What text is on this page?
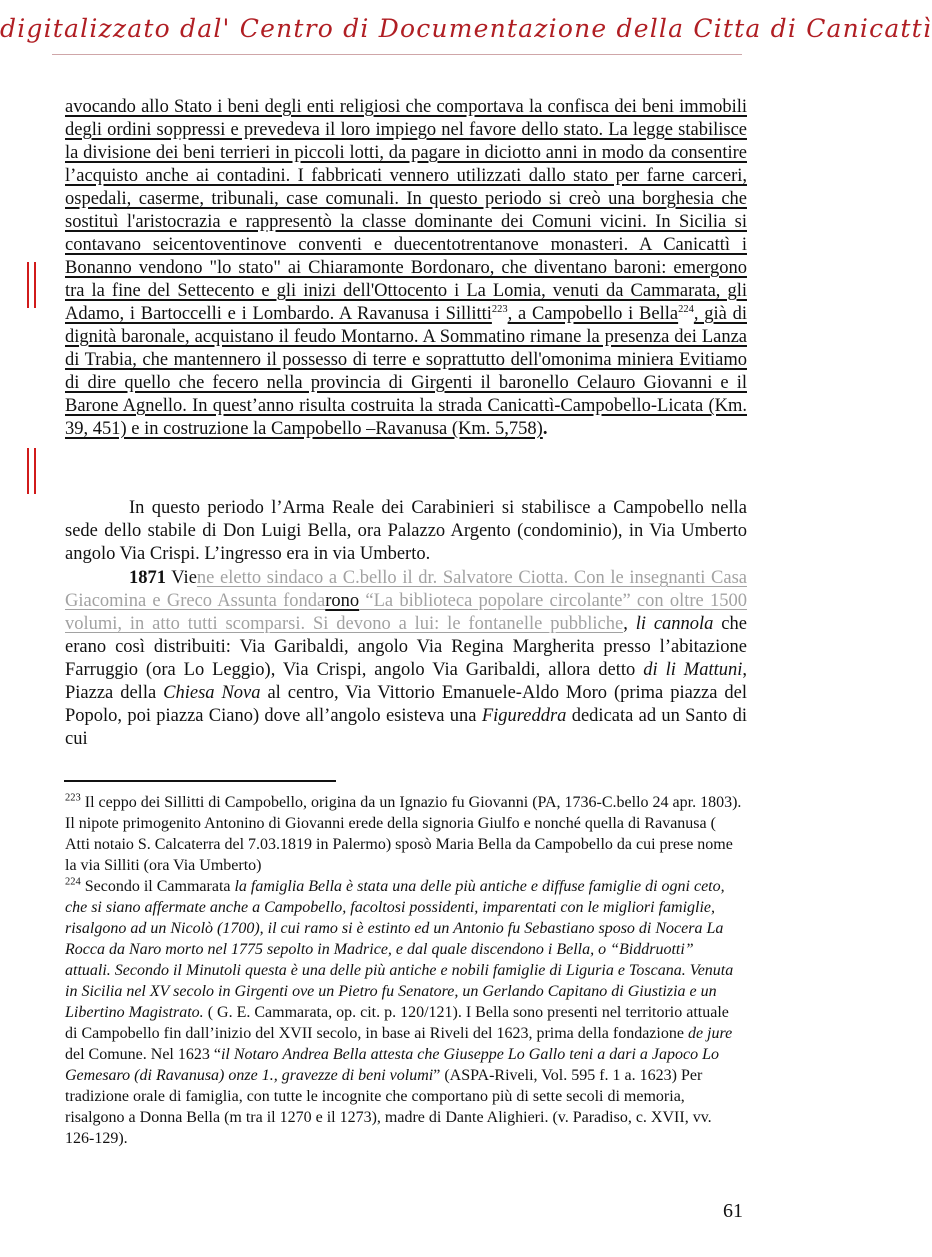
digitalizzato dal' Centro di Documentazione della Citta di Canicattì
avocando allo Stato i beni degli enti religiosi che comportava la confisca dei beni immobili degli ordini soppressi e prevedeva il loro impiego nel favore dello stato. La legge stabilisce la divisione dei beni terrieri in piccoli lotti, da pagare in diciotto anni in modo da consentire l’acquisto anche ai contadini. I fabbricati vennero utilizzati dallo stato per farne carceri, ospedali, caserme, tribunali, case comunali. In questo periodo si creò una borghesia che sostituì l'aristocrazia e rappresentò la classe dominante dei Comuni vicini. In Sicilia si contavano seicentoventinove conventi e duecentotrentanove monasteri. A Canicattì i Bonanno vendono "lo stato" ai Chiaramonte Bordonaro, che diventano baroni: emergono tra la fine del Settecento e gli inizi dell'Ottocento i La Lomia, venuti da Cammarata, gli Adamo, i Bartoccelli e i Lombardo. A Ravanusa i Sillitti$^{223}$, a Campobello i Bella$^{224}$, già di dignità baronale, acquistano il feudo Montarno. A Sommatino rimane la presenza dei Lanza di Trabia, che mantennero il possesso di terre e soprattutto dell'omonima miniera Evitiamo di dire quello che fecero nella provincia di Girgenti il baronello Celauro Giovanni e il Barone Agnello. In quest’anno risulta costruita la strada Canicattì-Campobello-Licata (Km. 39, 451) e in costruzione la Campobello –Ravanusa (Km. 5,758).

In questo periodo l’Arma Reale dei Carabinieri si stabilisce a Campobello nella sede dello stabile di Don Luigi Bella, ora Palazzo Argento (condominio), in Via Umberto angolo Via Crispi. L’ingresso era in via Umberto.

1871 Viene eletto sindaco a C.bello il dr. Salvatore Ciotta. Con le insegnanti Casa Giacomina e Greco Assunta fondarono “La biblioteca popolare circolante” con oltre 1500 volumi, in atto tutti scomparsi. Si devono a lui: le fontanelle pubbliche, li cannola che erano così distribuiti: Via Garibaldi, angolo Via Regina Margherita presso l’abitazione Farruggio (ora Lo Leggio), Via Crispi, angolo Via Garibaldi, allora detto di li Mattuni, Piazza della Chiesa Nova al centro, Via Vittorio Emanuele-Aldo Moro (prima piazza del Popolo, poi piazza Ciano) dove all’angolo esisteva una Figureddra dedicata ad un Santo di cui

$^{223}$ Il ceppo dei Sillitti di Campobello, origina da un Ignazio fu Giovanni (PA, 1736-C.bello 24 apr. 1803). Il nipote primogenito Antonino di Giovanni erede della signoria Giulfo e nonché quella di Ravanusa ( Atti notaio S. Calcaterra del 7.03.1819 in Palermo) sposò Maria Bella da Campobello da cui prese nome la via Silliti (ora Via Umberto)

$^{224}$ Secondo il Cammarata la famiglia Bella è stata una delle più antiche e diffuse famiglie di ogni ceto, che si siano affermate anche a Campobello, facoltosi possidenti, imparentati con le migliori famiglie, risalgono ad un Nicolò (1700), il cui ramo si è estinto ed un Antonio fu Sebastiano sposo di Nocera La Rocca da Naro morto nel 1775 sepolto in Madrice, e dal quale discendono i Bella, o “Biddruotti” attuali. Secondo il Minutoli questa è una delle più antiche e nobili famiglie di Liguria e Toscana. Venuta in Sicilia nel XV secolo in Girgenti ove un Pietro fu Senatore, un Gerlando Capitano di Giustizia e un Libertino Magistrato. ( G. E. Cammarata, op. cit. p. 120/121). I Bella sono presenti nel territorio attuale di Campobello fin dall’inizio del XVII secolo, in base ai Riveli del 1623, prima della fondazione de jure del Comune. Nel 1623 “il Notaro Andrea Bella attesta che Giuseppe Lo Gallo teni a dari a Japoco Lo Gemesaro (di Ravanusa) onze 1., gravezze di beni volumi” (ASPA-Riveli, Vol. 595 f. 1 a. 1623) Per tradizione orale di famiglia, con tutte le incognite che comportano più di sette secoli di memoria, risalgono a Donna Bella (m tra il 1270 e il 1273), madre di Dante Alighieri. (v. Paradiso, c. XVII, vv. 126-129).

61
